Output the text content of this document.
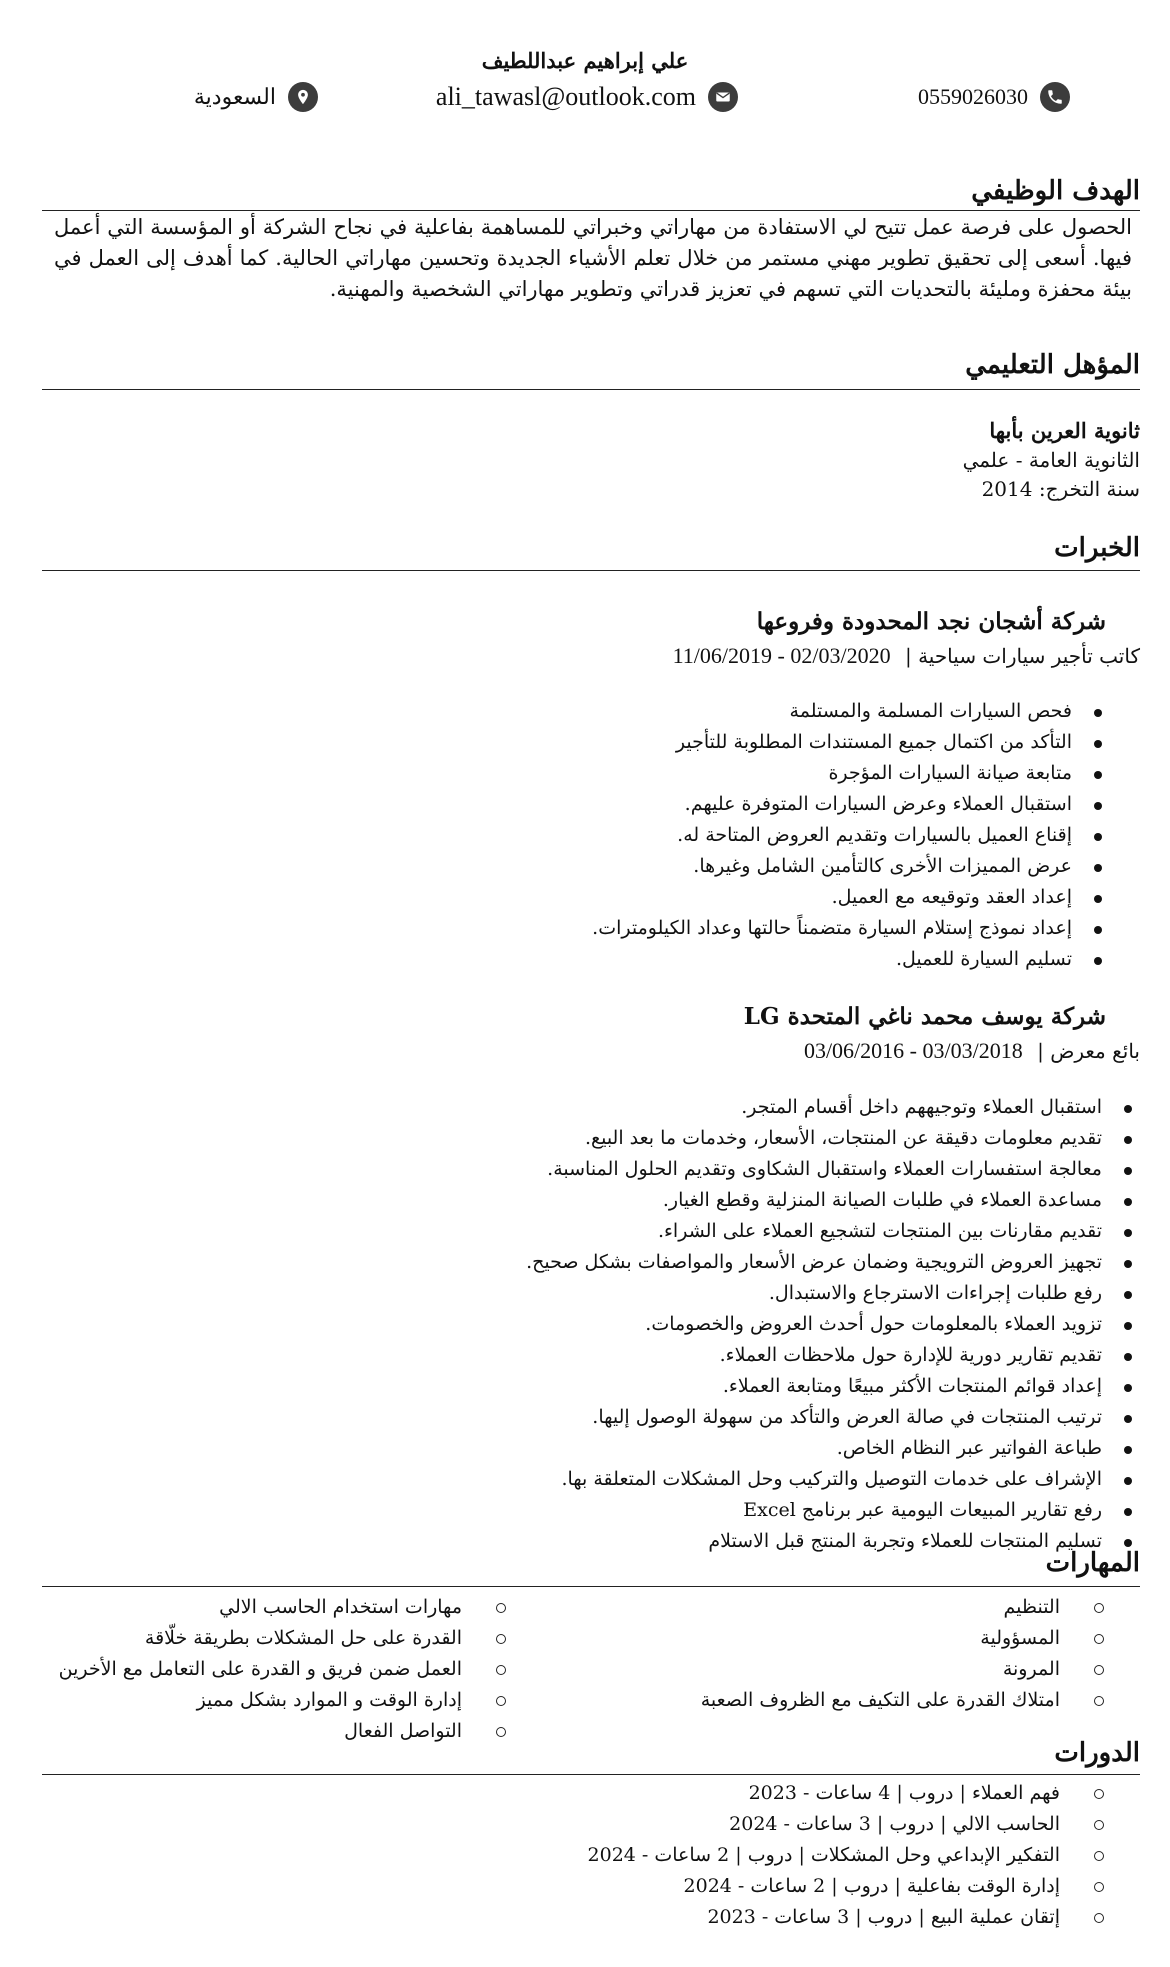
علي إبراهيم عبداللطيف
0559026030
ali_tawasl@outlook.com
السعودية
الهدف الوظيفي
الحصول على فرصة عمل تتيح لي الاستفادة من مهاراتي وخبراتي للمساهمة بفاعلية في نجاح الشركة أو المؤسسة التي أعمل فيها. أسعى إلى تحقيق تطوير مهني مستمر من خلال تعلم الأشياء الجديدة وتحسين مهاراتي الحالية. كما أهدف إلى العمل في بيئة محفزة ومليئة بالتحديات التي تسهم في تعزيز قدراتي وتطوير مهاراتي الشخصية والمهنية.
المؤهل التعليمي
ثانوية العرين بأبها
الثانوية العامة - علمي
سنة التخرج: 2014
الخبرات
شركة أشجان نجد المحدودة وفروعها
كاتب تأجير سيارات سياحية | 02/03/2020 - 11/06/2019
فحص السيارات المسلمة والمستلمة
التأكد من اكتمال جميع المستندات المطلوبة للتأجير
متابعة صيانة السيارات المؤجرة
استقبال العملاء وعرض السيارات المتوفرة عليهم.
إقناع العميل بالسيارات وتقديم العروض المتاحة له.
عرض المميزات الأخرى كالتأمين الشامل وغيرها.
إعداد العقد وتوقيعه مع العميل.
إعداد نموذج إستلام السيارة متضمناً حالتها وعداد الكيلومترات.
تسليم السيارة للعميل.
شركة يوسف محمد ناغي المتحدة LG
بائع معرض | 03/03/2018 - 03/06/2016
استقبال العملاء وتوجيههم داخل أقسام المتجر.
تقديم معلومات دقيقة عن المنتجات، الأسعار، وخدمات ما بعد البيع.
معالجة استفسارات العملاء واستقبال الشكاوى وتقديم الحلول المناسبة.
مساعدة العملاء في طلبات الصيانة المنزلية وقطع الغيار.
تقديم مقارنات بين المنتجات لتشجيع العملاء على الشراء.
تجهيز العروض الترويجية وضمان عرض الأسعار والمواصفات بشكل صحيح.
رفع طلبات إجراءات الاسترجاع والاستبدال.
تزويد العملاء بالمعلومات حول أحدث العروض والخصومات.
تقديم تقارير دورية للإدارة حول ملاحظات العملاء.
إعداد قوائم المنتجات الأكثر مبيعًا ومتابعة العملاء.
ترتيب المنتجات في صالة العرض والتأكد من سهولة الوصول إليها.
طباعة الفواتير عبر النظام الخاص.
الإشراف على خدمات التوصيل والتركيب وحل المشكلات المتعلقة بها.
رفع تقارير المبيعات اليومية عبر برنامج Excel
تسليم المنتجات للعملاء وتجربة المنتج قبل الاستلام
المهارات
التنظيم
المسؤولية
المرونة
امتلاك القدرة على التكيف مع الظروف الصعبة
مهارات استخدام الحاسب الالي
القدرة على حل المشكلات بطريقة خلّاقة
العمل ضمن فريق و القدرة على التعامل مع الأخرين
إدارة الوقت و الموارد بشكل مميز
التواصل الفعال
الدورات
فهم العملاء | دروب | 4 ساعات - 2023
الحاسب الالي | دروب | 3 ساعات - 2024
التفكير الإبداعي وحل المشكلات | دروب | 2 ساعات - 2024
إدارة الوقت بفاعلية | دروب | 2 ساعات - 2024
إتقان عملية البيع | دروب | 3 ساعات - 2023
